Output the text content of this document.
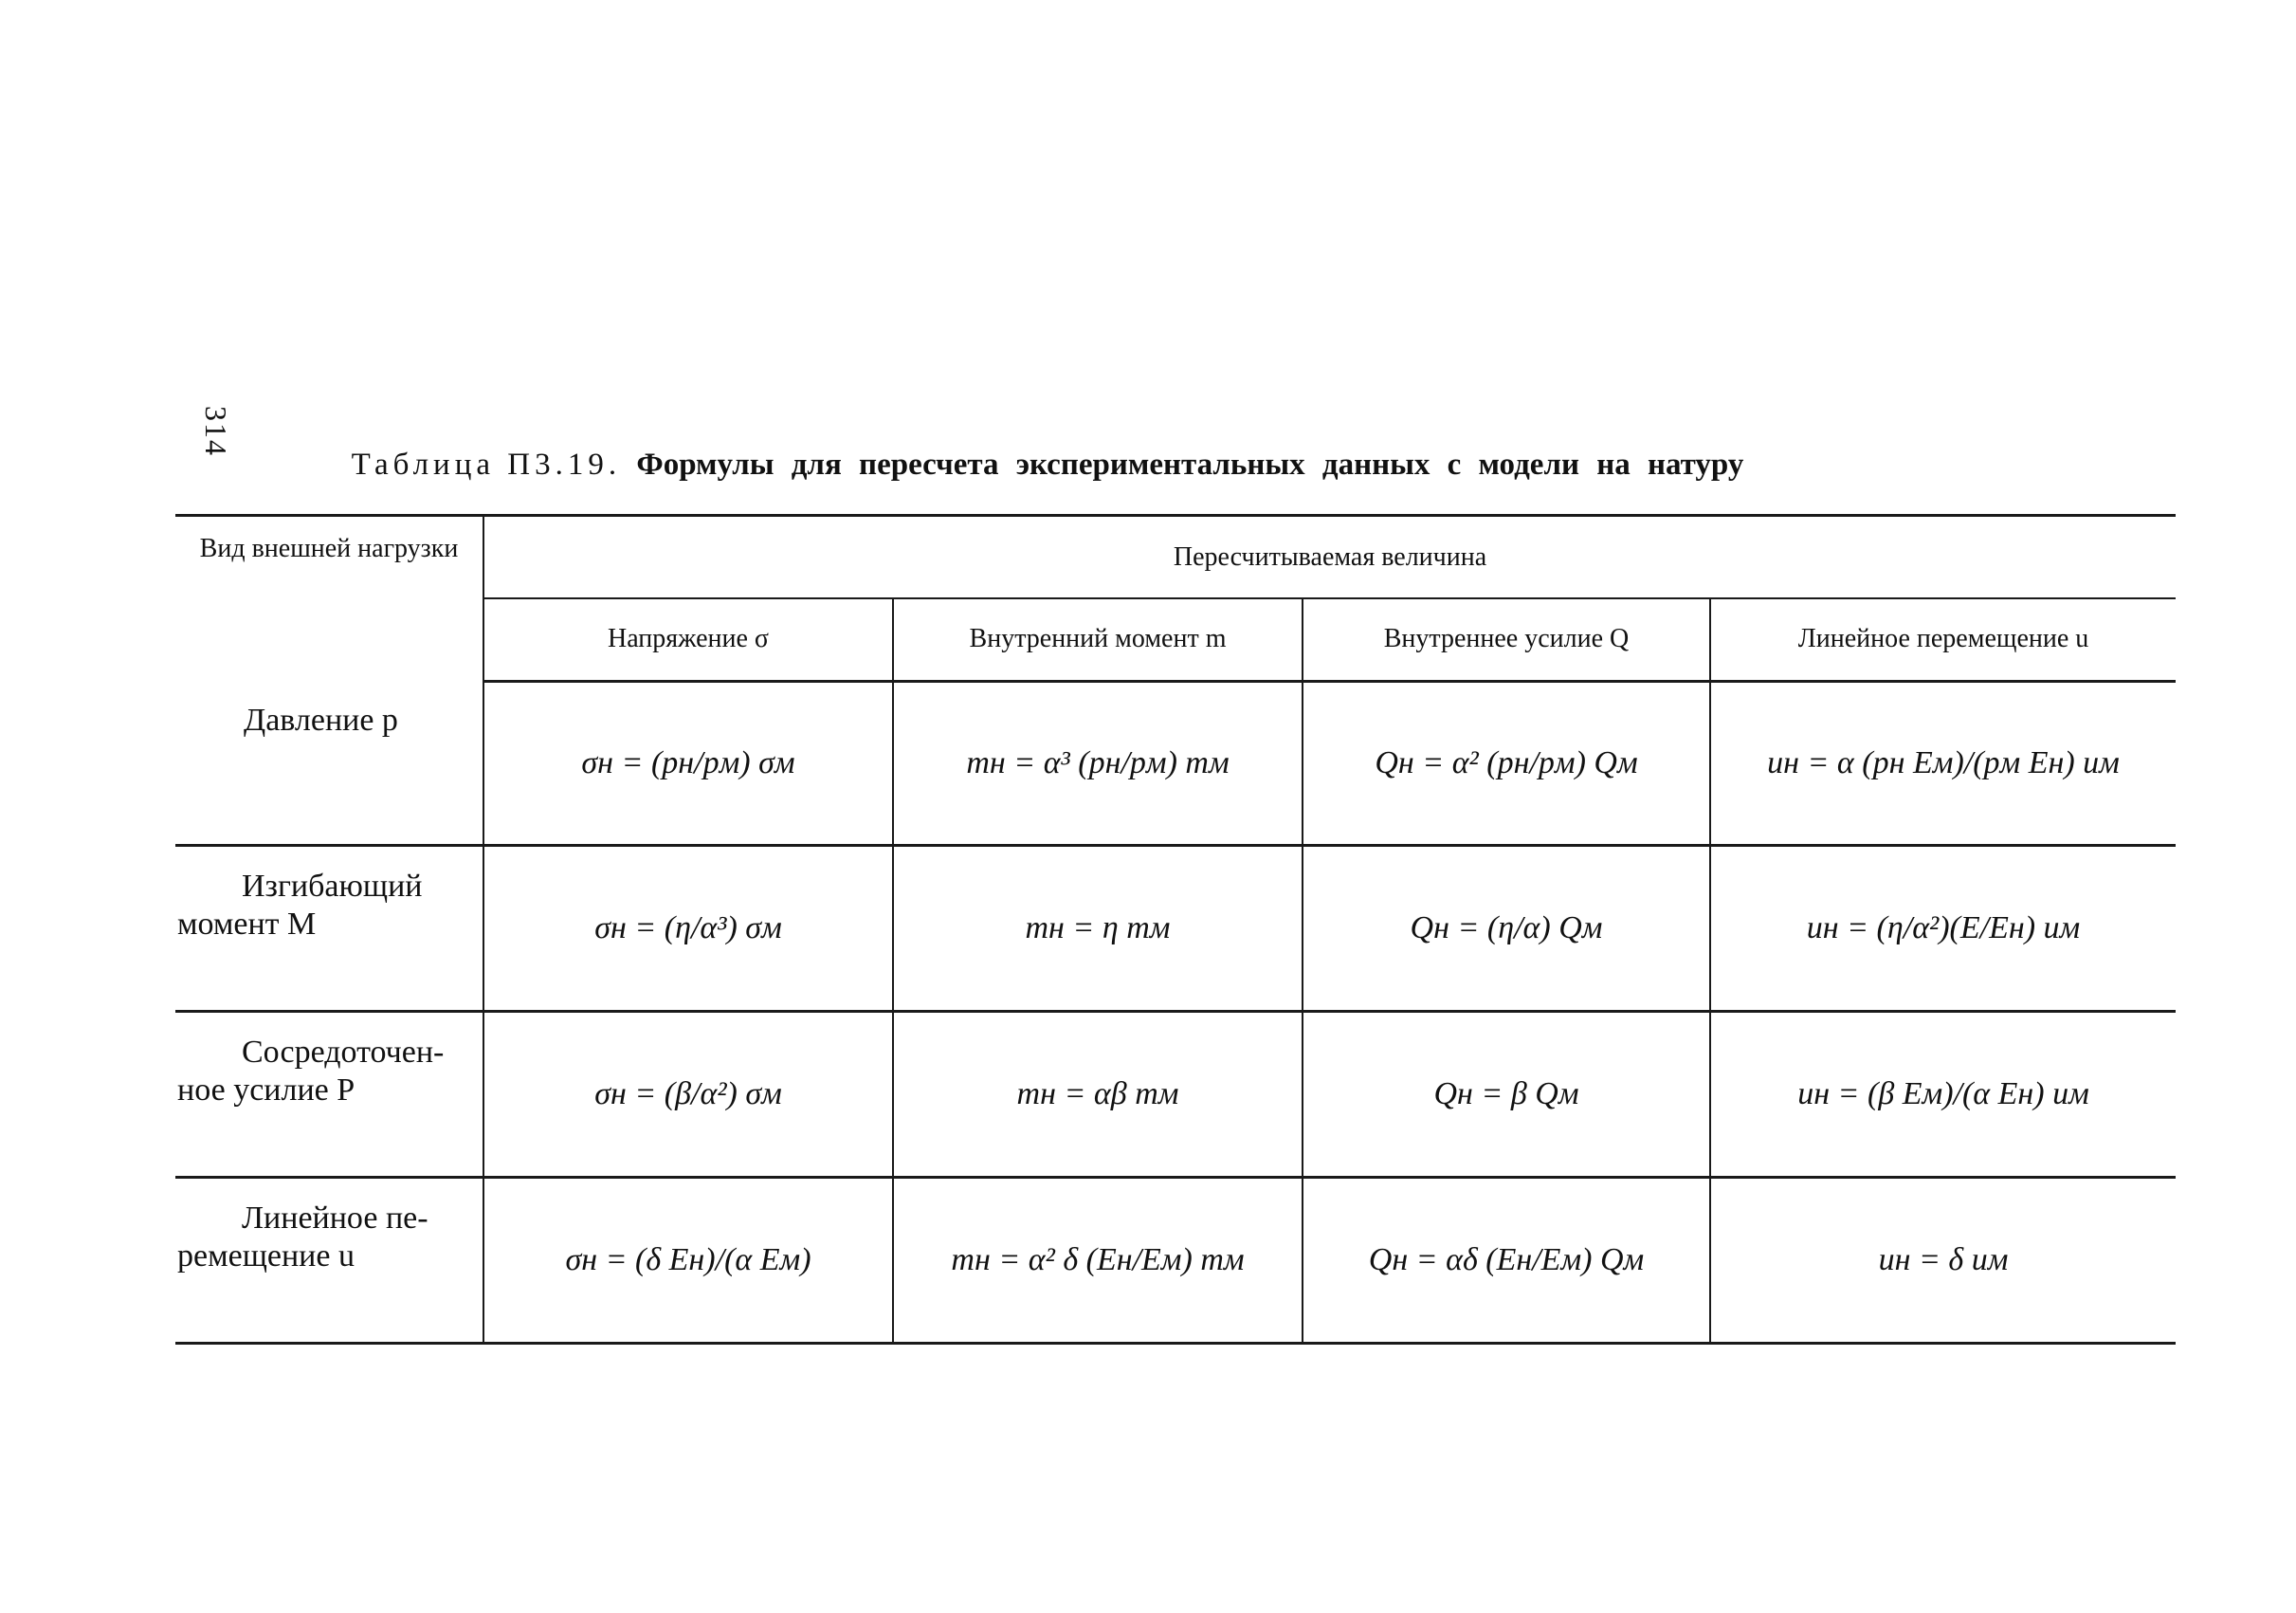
314
Таблица П3.19. Формулы для пересчета экспериментальных данных с модели на натуру
Вид внешней нагрузки	Пересчитываемая величина			
	Напряжение σ	Внутренний момент m	Внутреннее усилие Q	Линейное перемещение u

Давление p	σн = (pн/pм) σм	mн = α³ (pн/pм) mм	Qн = α² (pн/pм) Qм	uн = α (pн Eм)/(pм Eн) uм

Изгибающий
момент M	σн = (η/α³) σм	mн = η mм	Qн = (η/α) Qм	uн = (η/α²)(E/Eн) uм

Сосредоточен-
ное усилие P	σн = (β/α²) σм	mн = αβ mм	Qн = β Qм	uн = (β Eм)/(α Eн) uм

Линейное пе-
ремещение u	σн = (δ Eн)/(α Eм)	mн = α² δ (Eн/Eм) mм	Qн = αδ (Eн/Eм) Qм	uн = δ uм
